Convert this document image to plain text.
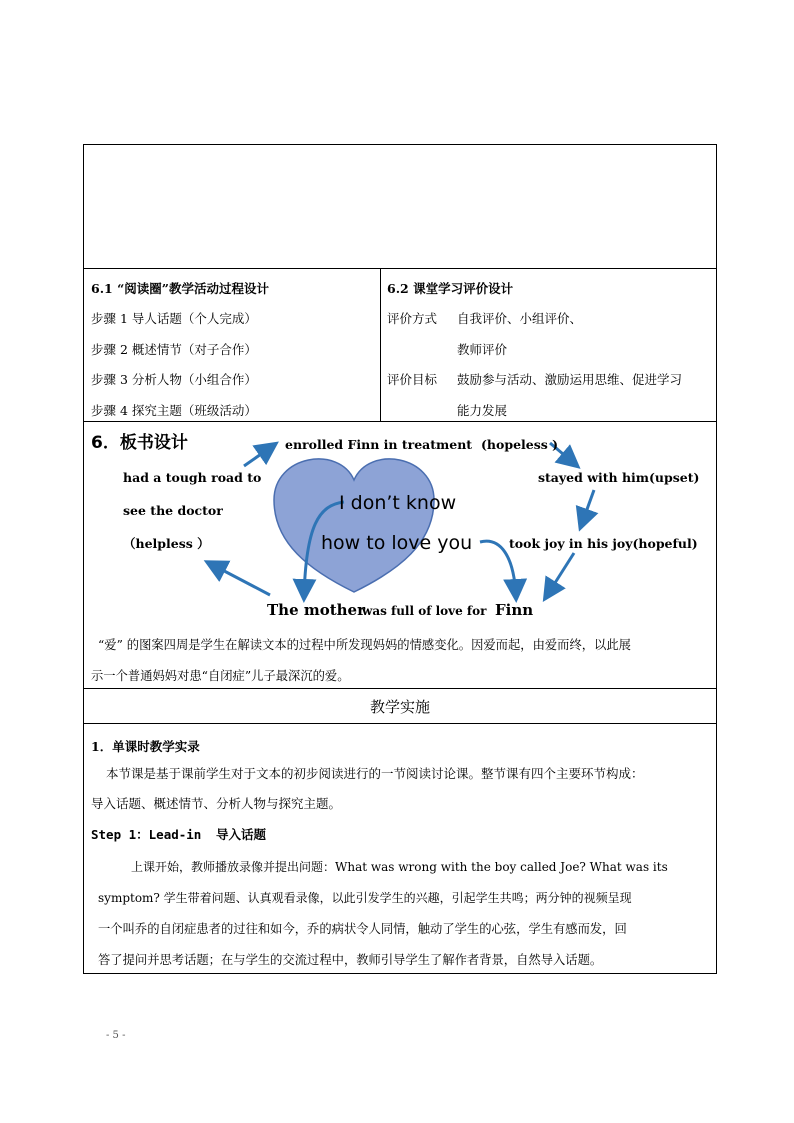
6.1 “阅读圈”教学活动过程设计
步骤 1 导人话题（个人完成）
步骤 2 概述情节（对子合作）
步骤 3 分析人物（小组合作）
步骤 4 探究主题（班级活动）
6.2 课堂学习评价设计
评价方式 自我评价、小组评价、
教师评价
评价目标 鼓励参与活动、激励运用思维、促进学习
能力发展
6．板书设计	enrolled Finn in treatment (hopeless )
had a tough road to
see the doctor
（helpless ）
stayed with him(upset)
took joy in his joy(hopeful)
I don’t know
how to love you
The mother
was full of love for Finn
“爱” 的图案四周是学生在解读文本的过程中所发现妈妈的情感变化。因爱而起，由爱而终，以此展
示一个普通妈妈对患“自闭症”儿子最深沉的爱。
教学实施
1．单课时教学实录
本节课是基于课前学生对于文本的初步阅读进行的一节阅读讨论课。整节课有四个主要环节构成：
导入话题、概述情节、分析人物与探究主题。
Step 1：Lead-in 导入话题
上课开始，教师播放录像并提出问题：What was wrong with the boy called Joe? What was its
symptom? 学生带着问题、认真观看录像，以此引发学生的兴趣，引起学生共鸣；两分钟的视频呈现
一个叫乔的自闭症患者的过往和如今，乔的病状令人同情，触动了学生的心弦，学生有感而发，回
答了提问并思考话题；在与学生的交流过程中，教师引导学生了解作者背景，自然导入话题。
- 5 -
